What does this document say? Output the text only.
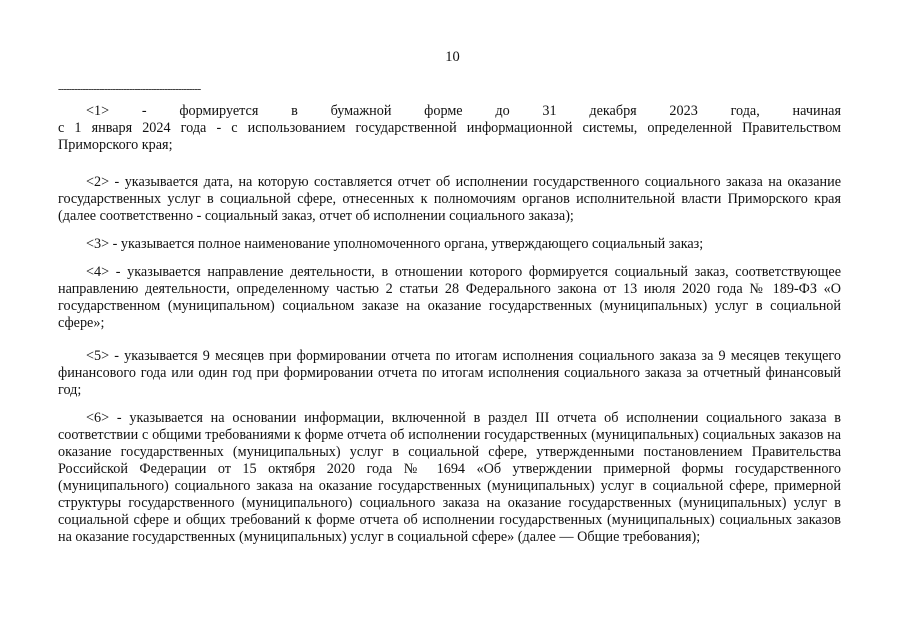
10
-----

<1> - формируется в бумажной форме до 31 декабря 2023 года, начиная

с 1 января 2024 года - с использованием государственной информационной системы, определенной Правительством Приморского края;

<2> - указывается дата, на которую составляется отчет об исполнении государственного социального заказа на оказание государственных услуг в социальной сфере, отнесенных к полномочиям органов исполнительной власти Приморского края (далее соответственно - социальный заказ, отчет об исполнении социального заказа);

<3> - указывается полное наименование уполномоченного органа, утверждающего социальный заказ;

<4> - указывается направление деятельности, в отношении которого формируется социальный заказ, соответствующее направлению деятельности, определенному частью 2 статьи 28 Федерального закона от 13 июля 2020 года № 189-ФЗ «О государственном (муниципальном) социальном заказе на оказание государственных (муниципальных) услуг в социальной сфере»;

<5> - указывается 9 месяцев при формировании отчета по итогам исполнения социального заказа за 9 месяцев текущего финансового года или один год при формировании отчета по итогам исполнения социального заказа за отчетный финансовый год;

<6> - указывается на основании информации, включенной в раздел III отчета об исполнении социального заказа в соответствии с общими требованиями к форме отчета об исполнении государственных (муниципальных) социальных заказов на оказание государственных (муниципальных) услуг в социальной сфере, утвержденными постановлением Правительства Российской Федерации от 15 октября 2020 года № 1694 «Об утверждении примерной формы государственного (муниципального) социального заказа на оказание государственных (муниципальных) услуг в социальной сфере, примерной структуры государственного (муниципального) социального заказа на оказание государственных (муниципальных) услуг в социальной сфере и общих требований к форме отчета об исполнении государственных (муниципальных) социальных заказов на оказание государственных (муниципальных) услуг в социальной сфере» (далее — Общие требования);
